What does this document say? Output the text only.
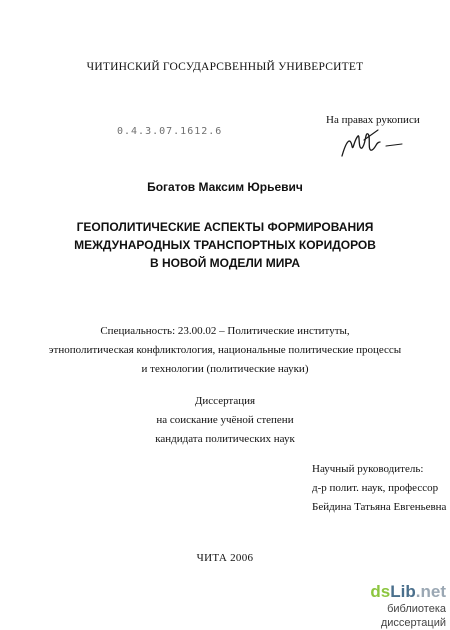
ЧИТИНСКИЙ ГОСУДАРСВЕННЫЙ УНИВЕРСИТЕТ
На правах рукописи
0.4.3.07.1612.6
Богатов Максим Юрьевич
ГЕОПОЛИТИЧЕСКИЕ АСПЕКТЫ ФОРМИРОВАНИЯ
МЕЖДУНАРОДНЫХ ТРАНСПОРТНЫХ КОРИДОРОВ
В НОВОЙ МОДЕЛИ МИРА
Специальность: 23.00.02 – Политические институты,
этнополитическая конфликтология, национальные политические процессы
и технологии (политические науки)
Диссертация
на соискание учёной степени
кандидата политических наук
Научный руководитель:
д-р полит. наук, профессор
Бейдина Татьяна Евгеньевна
ЧИТА 2006
dsLib.net
библиотека диссертаций
